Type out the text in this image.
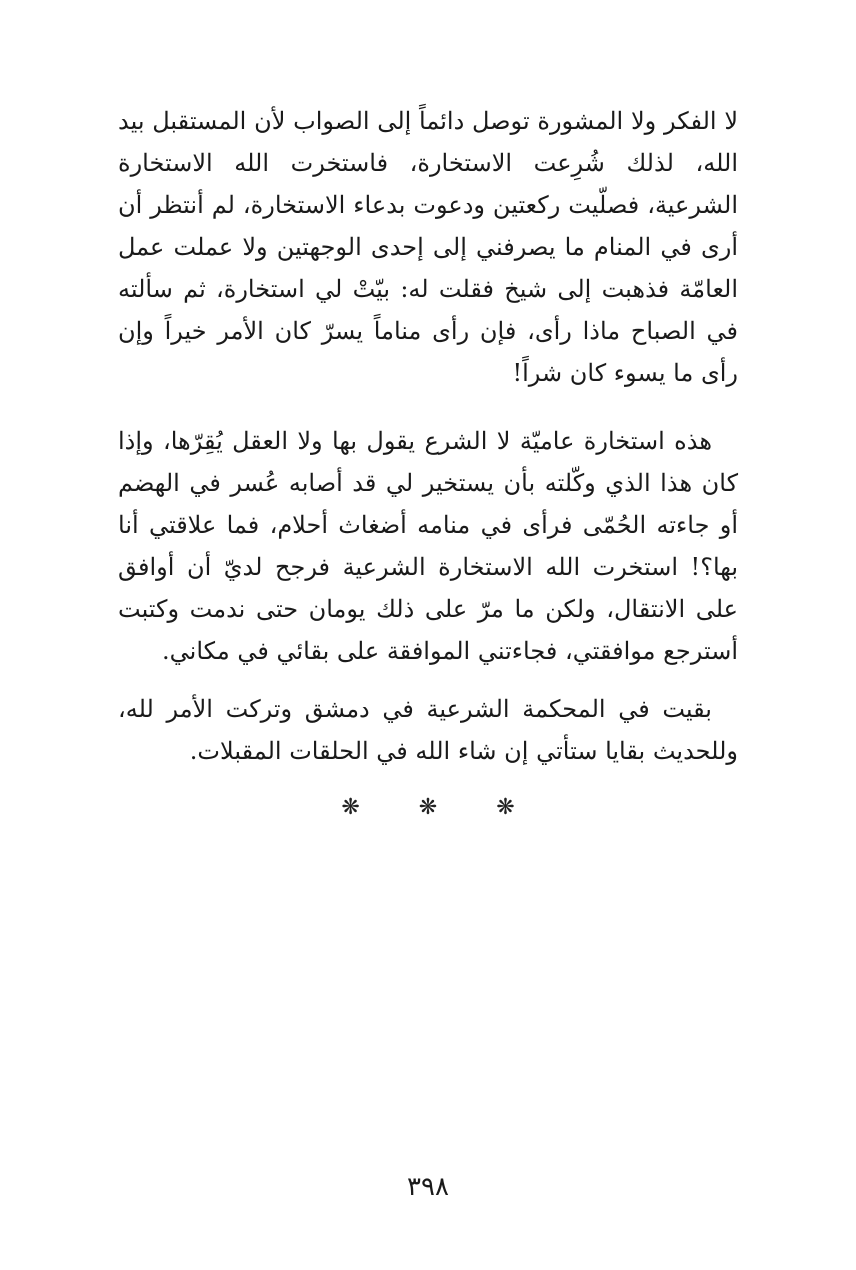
لا الفكر ولا المشورة توصل دائماً إلى الصواب لأن المستقبل بيد الله، لذلك شُرِعت الاستخارة، فاستخرت الله الاستخارة الشرعية، فصلّيت ركعتين ودعوت بدعاء الاستخارة، لم أنتظر أن أرى في المنام ما يصرفني إلى إحدى الوجهتين ولا عملت عمل العامّة فذهبت إلى شيخ فقلت له: بيّتْ لي استخارة، ثم سألته في الصباح ماذا رأى، فإن رأى مناماً يسرّ كان الأمر خيراً وإن رأى ما يسوء كان شراً!

هذه استخارة عاميّة لا الشرع يقول بها ولا العقل يُقِرّها، وإذا كان هذا الذي وكّلته بأن يستخير لي قد أصابه عُسر في الهضم أو جاءته الحُمّى فرأى في منامه أضغاث أحلام، فما علاقتي أنا بها؟! استخرت الله الاستخارة الشرعية فرجح لديّ أن أوافق على الانتقال، ولكن ما مرّ على ذلك يومان حتى ندمت وكتبت أسترجع موافقتي، فجاءتني الموافقة على بقائي في مكاني.

بقيت في المحكمة الشرعية في دمشق وتركت الأمر لله، وللحديث بقايا ستأتي إن شاء الله في الحلقات المقبلات.

❋ ❋ ❋
٣٩٨
